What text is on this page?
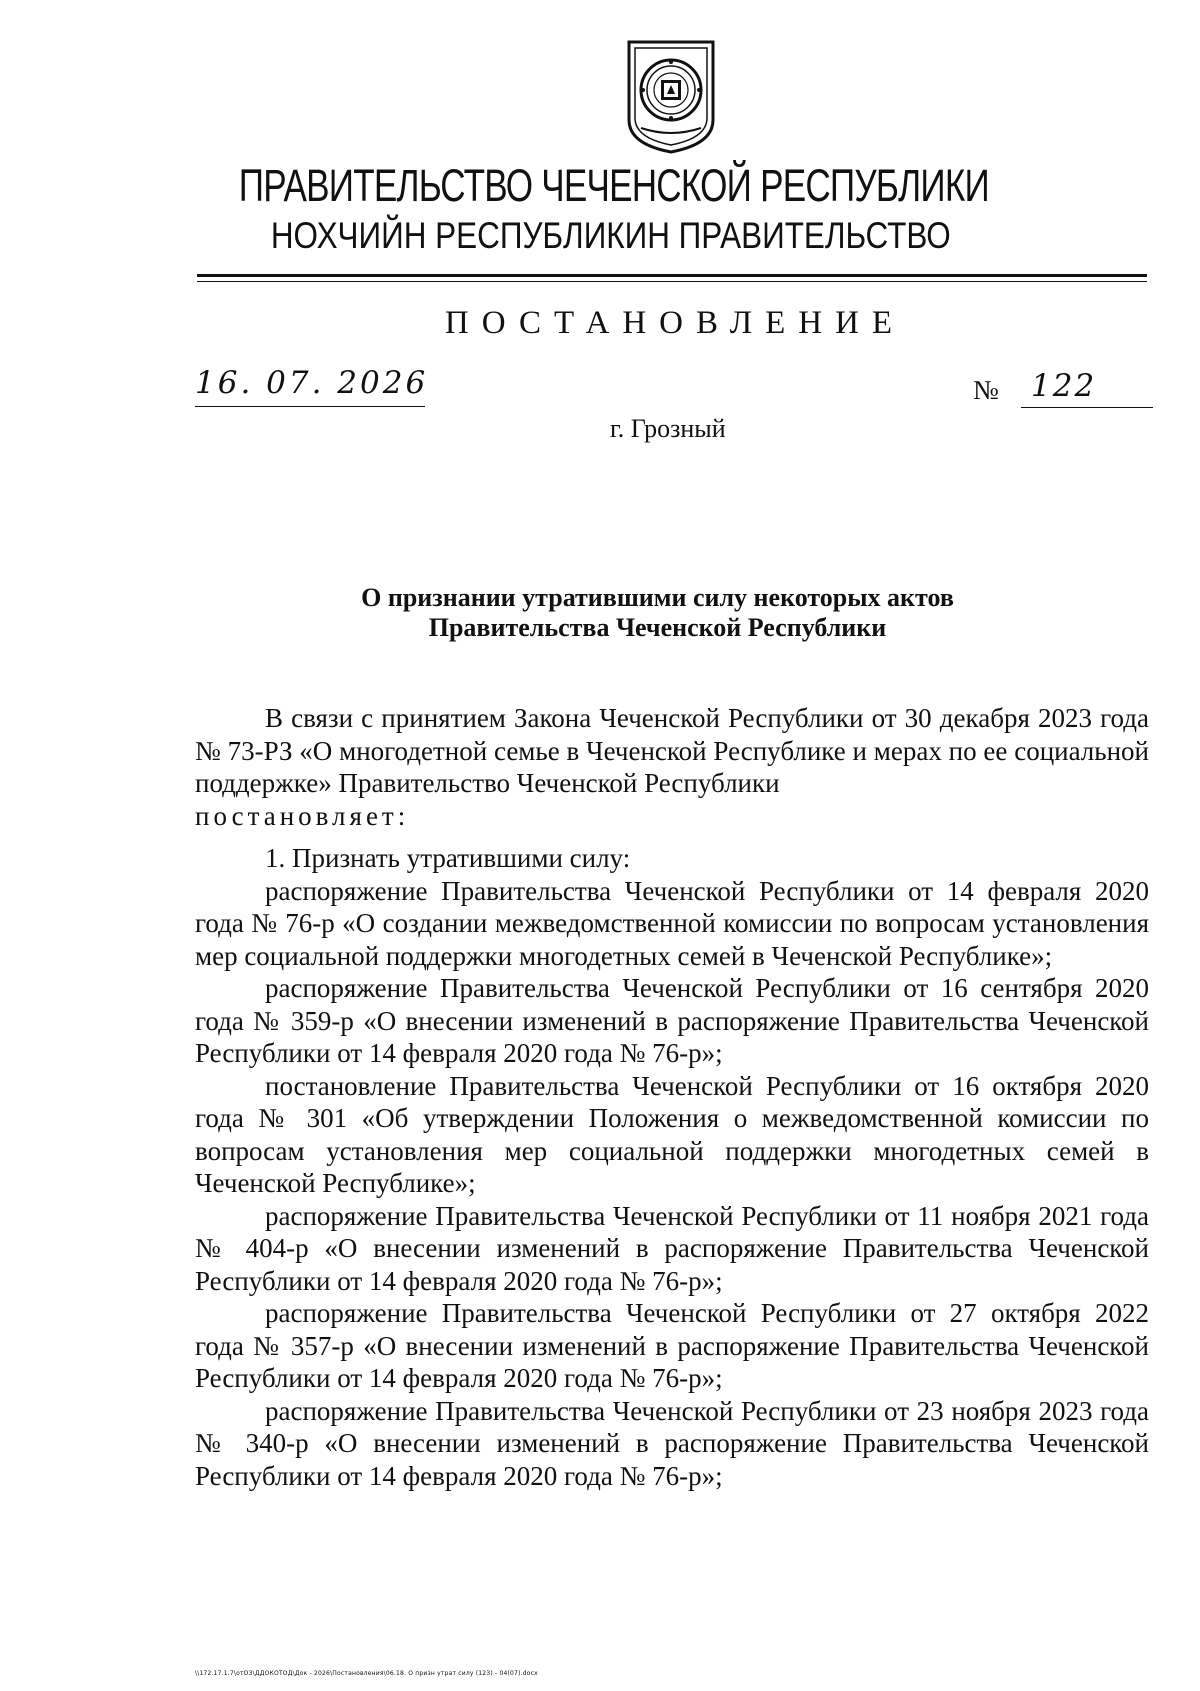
ПРАВИТЕЛЬСТВО ЧЕЧЕНСКОЙ РЕСПУБЛИКИ
НОХЧИЙН РЕСПУБЛИКИН ПРАВИТЕЛЬСТВО
ПОСТАНОВЛЕНИЕ
16. 07. 2026	№ 122
г. Грозный
О признании утратившими силу некоторых актов
Правительства Чеченской Республики

В связи с принятием Закона Чеченской Республики от 30 декабря 2023 года № 73-РЗ «О многодетной семье в Чеченской Республике и мерах по ее социальной поддержке» Правительство Чеченской Республики

постановляет:

1. Признать утратившими силу:

распоряжение Правительства Чеченской Республики от 14 февраля 2020 года № 76-р «О создании межведомственной комиссии по вопросам установления мер социальной поддержки многодетных семей в Чеченской Республике»;

распоряжение Правительства Чеченской Республики от 16 сентября 2020 года № 359-р «О внесении изменений в распоряжение Правительства Чеченской Республики от 14 февраля 2020 года № 76-р»;

постановление Правительства Чеченской Республики от 16 октября 2020 года № 301 «Об утверждении Положения о межведомственной комиссии по вопросам установления мер социальной поддержки многодетных семей в Чеченской Республике»;

распоряжение Правительства Чеченской Республики от 11 ноября 2021 года № 404-р «О внесении изменений в распоряжение Правительства Чеченской Республики от 14 февраля 2020 года № 76-р»;

распоряжение Правительства Чеченской Республики от 27 октября 2022 года № 357-р «О внесении изменений в распоряжение Правительства Чеченской Республики от 14 февраля 2020 года № 76-р»;

распоряжение Правительства Чеченской Республики от 23 ноября 2023 года № 340-р «О внесении изменений в распоряжение Правительства Чеченской Республики от 14 февраля 2020 года № 76-р»;

\\172.17.1.7\отОЗ\ДДОКОТОД\Док - 2026\Постановления\06.18. О призн утрат силу (123) - 04(07).docx
